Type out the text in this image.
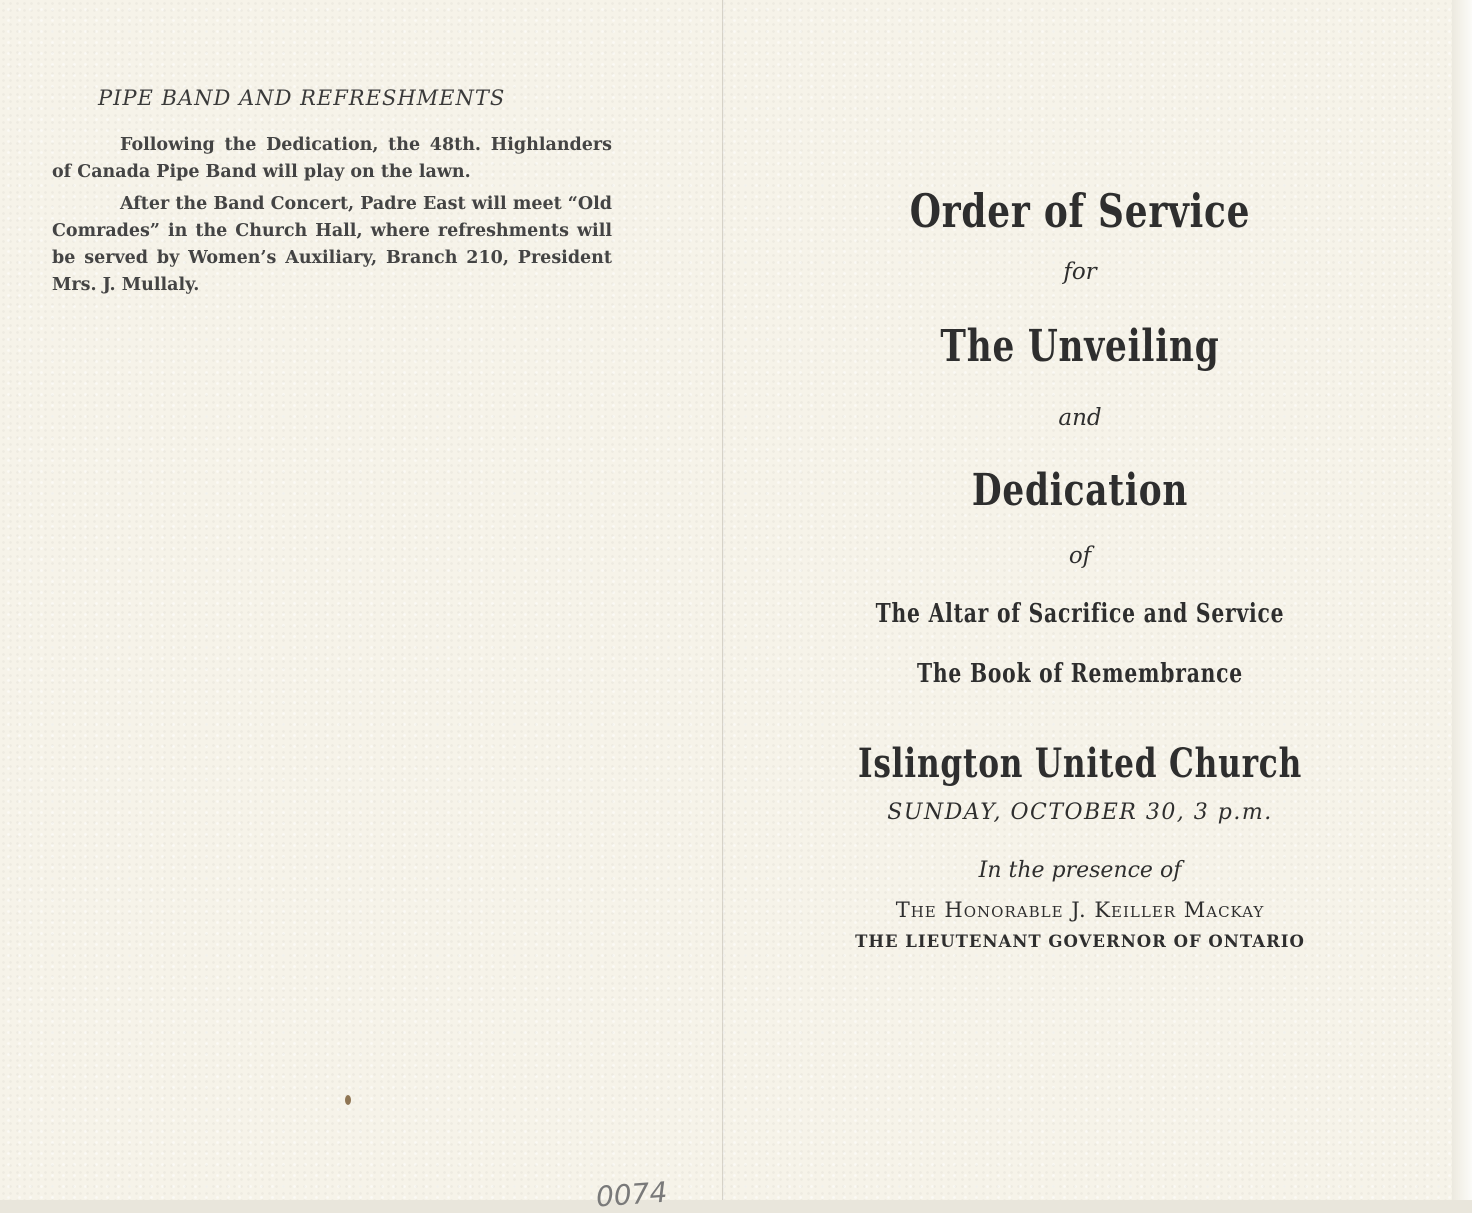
PIPE BAND AND REFRESHMENTS

Following the Dedication, the 48th. Highlanders of Canada Pipe Band will play on the lawn.

After the Band Concert, Padre East will meet “Old Comrades” in the Church Hall, where refreshments will be served by Women’s Auxiliary, Branch 210, President Mrs. J. Mullaly.

0074
Order of Service
for
The Unveiling
and
Dedication
of
The Altar of Sacrifice and Service
The Book of Remembrance
Islington United Church
SUNDAY, OCTOBER 30, 3 p.m.
In the presence of
The Honorable J. Keiller Mackay
THE LIEUTENANT GOVERNOR OF ONTARIO
